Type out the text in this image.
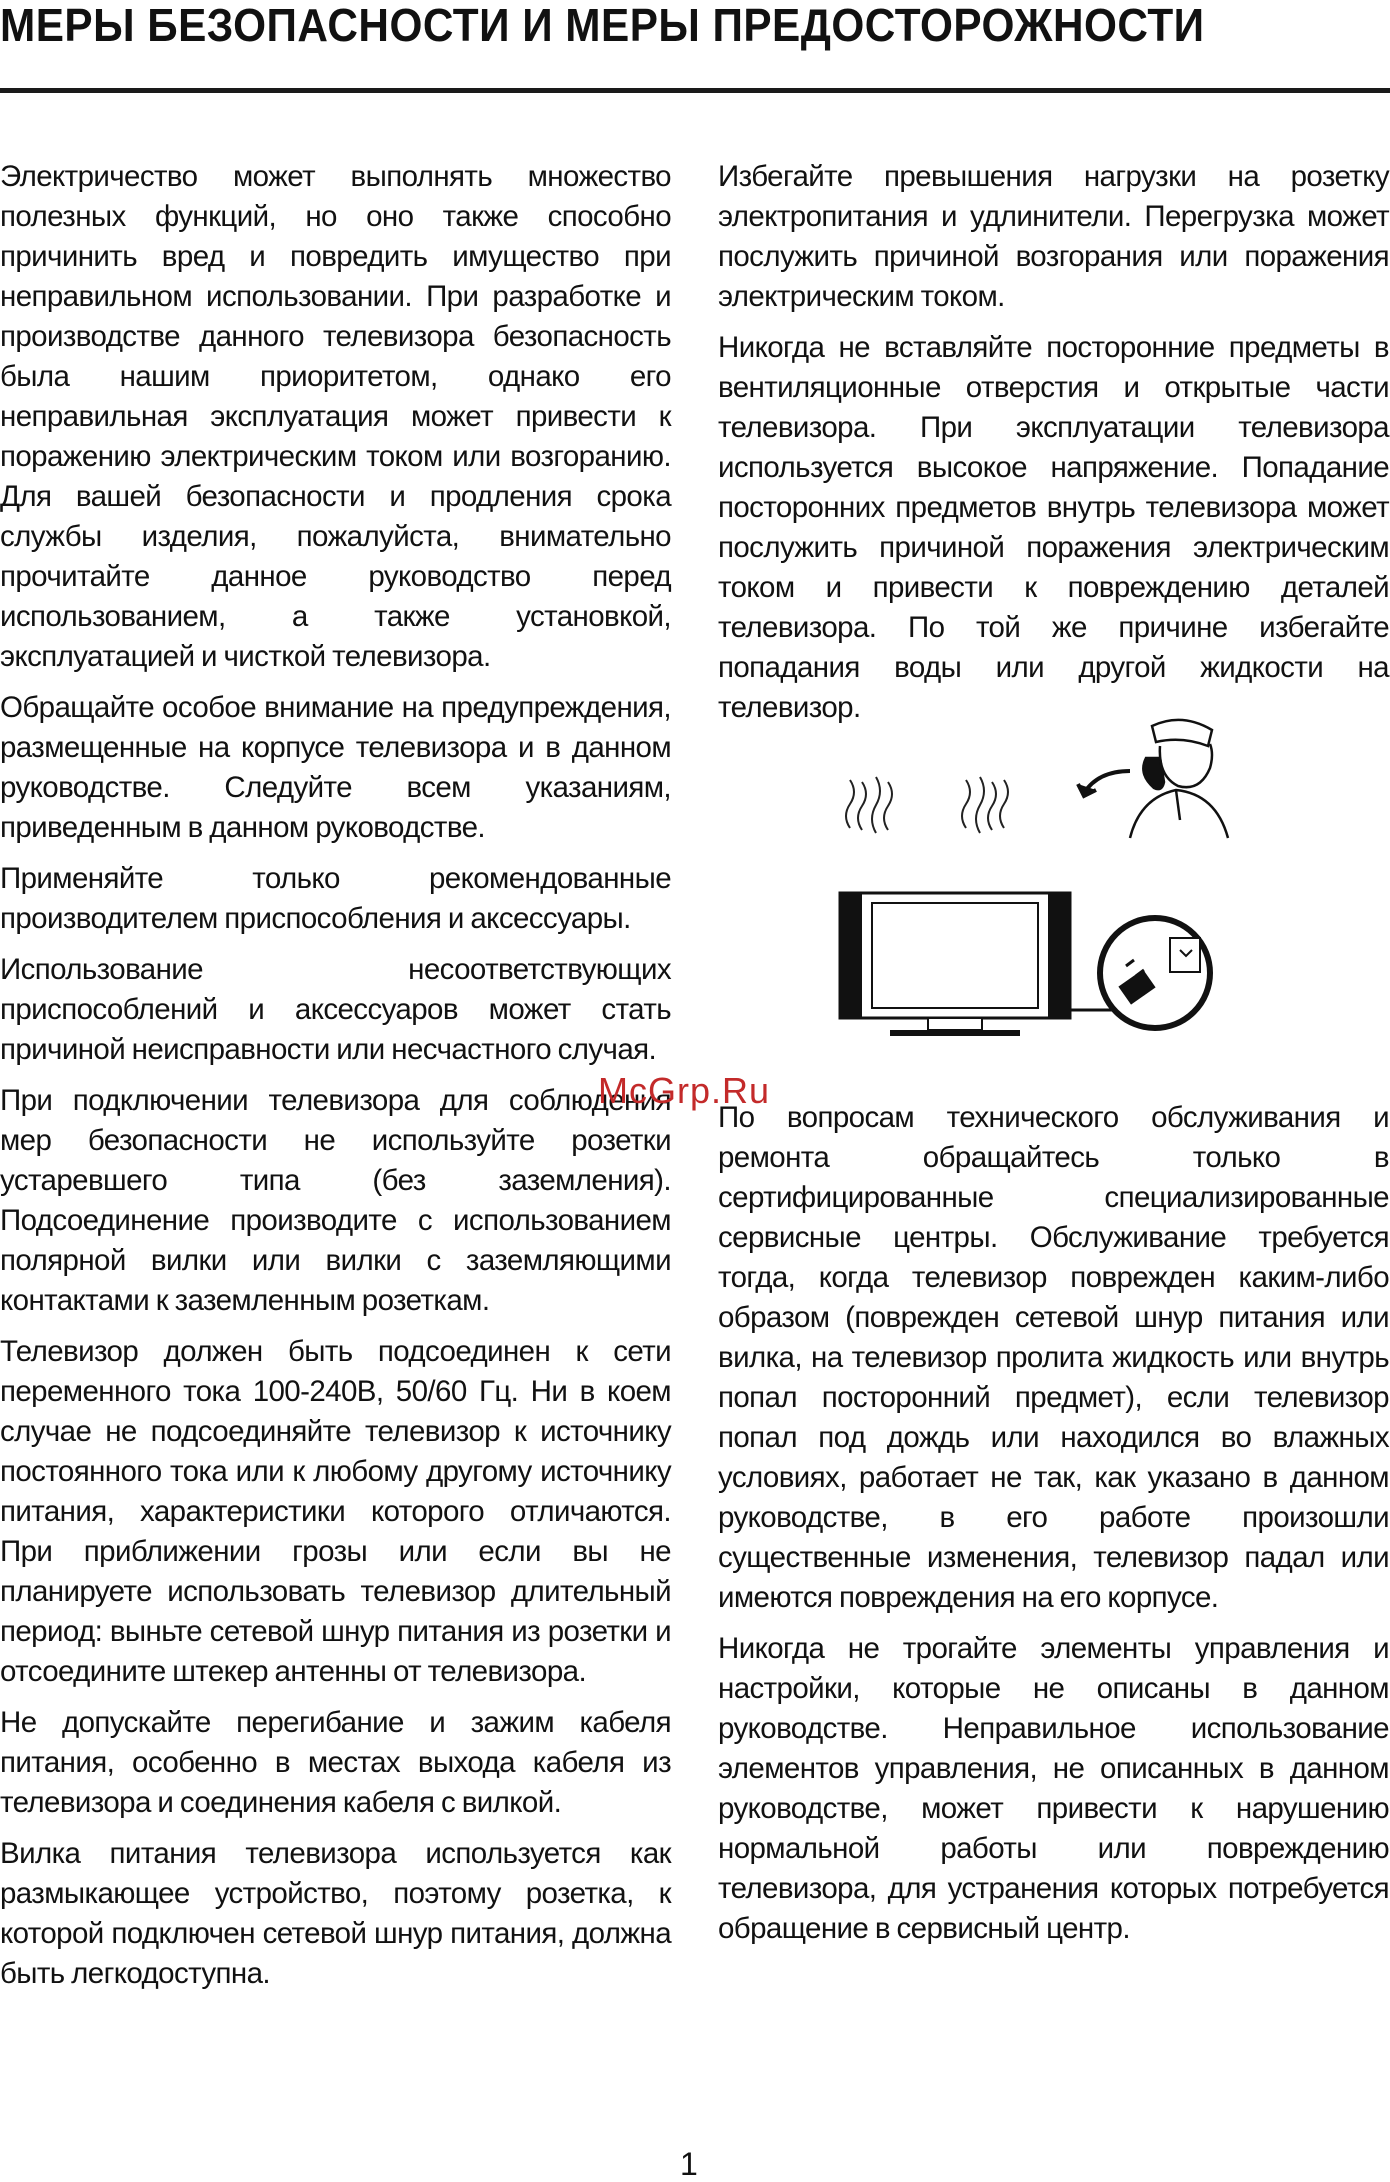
МЕРЫ БЕЗОПАСНОСТИ И МЕРЫ ПРЕДОСТОРОЖНОСТИ

Электричество может выполнять множество полезных функций, но оно также способно причинить вред и повредить имущество при неправильном использовании. При разработке и производстве данного телевизора безопасность была нашим приоритетом, однако его неправильная эксплуатация может привести к поражению электрическим током или возгоранию. Для вашей безопасности и продления срока службы изделия, пожалуйста, внимательно прочитайте данное руководство перед использованием, а также установкой, эксплуатацией и чисткой телевизора.

Обращайте особое внимание на предупреждения, размещенные на корпусе телевизора и в данном руководстве. Следуйте всем указаниям, приведенным в данном руководстве.

Применяйте только рекомендованные производителем приспособления и аксессуары.

Использование несоответствующих приспособлений и аксессуаров может стать причиной неисправности или несчастного случая.

При подключении телевизора для соблюдения мер безопасности не используйте розетки устаревшего типа (без заземления). Подсоединение производите с использованием полярной вилки или вилки с заземляющими контактами к заземленным розеткам.

Телевизор должен быть подсоединен к сети переменного тока 100-240В, 50/60 Гц. Ни в коем случае не подсоединяйте телевизор к источнику постоянного тока или к любому другому источнику питания, характеристики которого отличаются. При приближении грозы или если вы не планируете использовать телевизор длительный период: выньте сетевой шнур питания из розетки и отсоедините штекер антенны от телевизора.

Не допускайте перегибание и зажим кабеля питания, особенно в местах выхода кабеля из телевизора и соединения кабеля с вилкой.

Вилка питания телевизора используется как размыкающее устройство, поэтому розетка, к которой подключен сетевой шнур питания, должна быть легкодоступна.

Избегайте превышения нагрузки на розетку электропитания и удлинители. Перегрузка может послужить причиной возгорания или поражения электрическим током.

Никогда не вставляйте посторонние предметы в вентиляционные отверстия и открытые части телевизора. При эксплуатации телевизора используется высокое напряжение. Попадание посторонних предметов внутрь телевизора может послужить причиной поражения электрическим током и привести к повреждению деталей телевизора. По той же причине избегайте попадания воды или другой жидкости на телевизор.

McGrp.Ru

По вопросам технического обслуживания и ремонта обращайтесь только в сертифицированные специализированные сервисные центры. Обслуживание требуется тогда, когда телевизор поврежден каким-либо образом (поврежден сетевой шнур питания или вилка, на телевизор пролита жидкость или внутрь попал посторонний предмет), если телевизор попал под дождь или находился во влажных условиях, работает не так, как указано в данном руководстве, в его работе произошли существенные изменения, телевизор падал или имеются повреждения на его корпусе.

Никогда не трогайте элементы управления и настройки, которые не описаны в данном руководстве. Неправильное использование элементов управления, не описанных в данном руководстве, может привести к нарушению нормальной работы или повреждению телевизора, для устранения которых потребуется обращение в сервисный центр.

1
